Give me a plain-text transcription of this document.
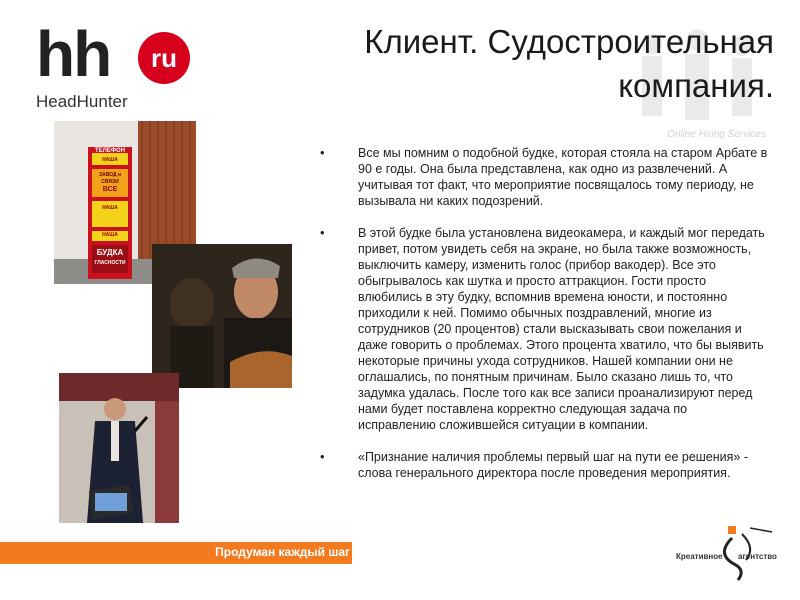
hh	ru
HeadHunter
Клиент. Судостроительная
компания.
Online Hiring Services
ТЕЛЕФОН
НАША
ЗАВОД и
СВЯЗИ
ВСЕ
НАША
НАША
БУДКА
ГЛАСНОСТИ
•	Все мы помним о подобной будке, которая стояла на старом Арбате в 90 е годы. Она была представлена, как одно из развлечений. А учитывая тот факт, что мероприятие посвящалось тому периоду, не вызывала ни каких подозрений.
•	В этой будке была установлена видеокамера, и каждый мог передать привет, потом увидеть себя на экране, но была также возможность, выключить камеру, изменить голос (прибор вакодер). Все это обыгрывалось как шутка и просто аттракцион. Гости просто влюбились в эту будку, вспомнив времена юности, и постоянно приходили к ней. Помимо обычных поздравлений, многие из сотрудников (20 процентов) стали высказывать свои пожелания и даже говорить о проблемах. Этого процента хватило, что бы выявить некоторые причины ухода сотрудников. Нашей компании они не оглашались, по понятным причинам. Было сказано лишь то, что задумка удалась. После того как все записи проанализируют перед нами будет поставлена корректно следующая задача по исправлению сложившейся ситуации в компании.
•	«Признание наличия проблемы первый шаг на пути ее решения» - слова генерального директора после проведения мероприятия.
Продуман каждый шаг	Креативное агентство
